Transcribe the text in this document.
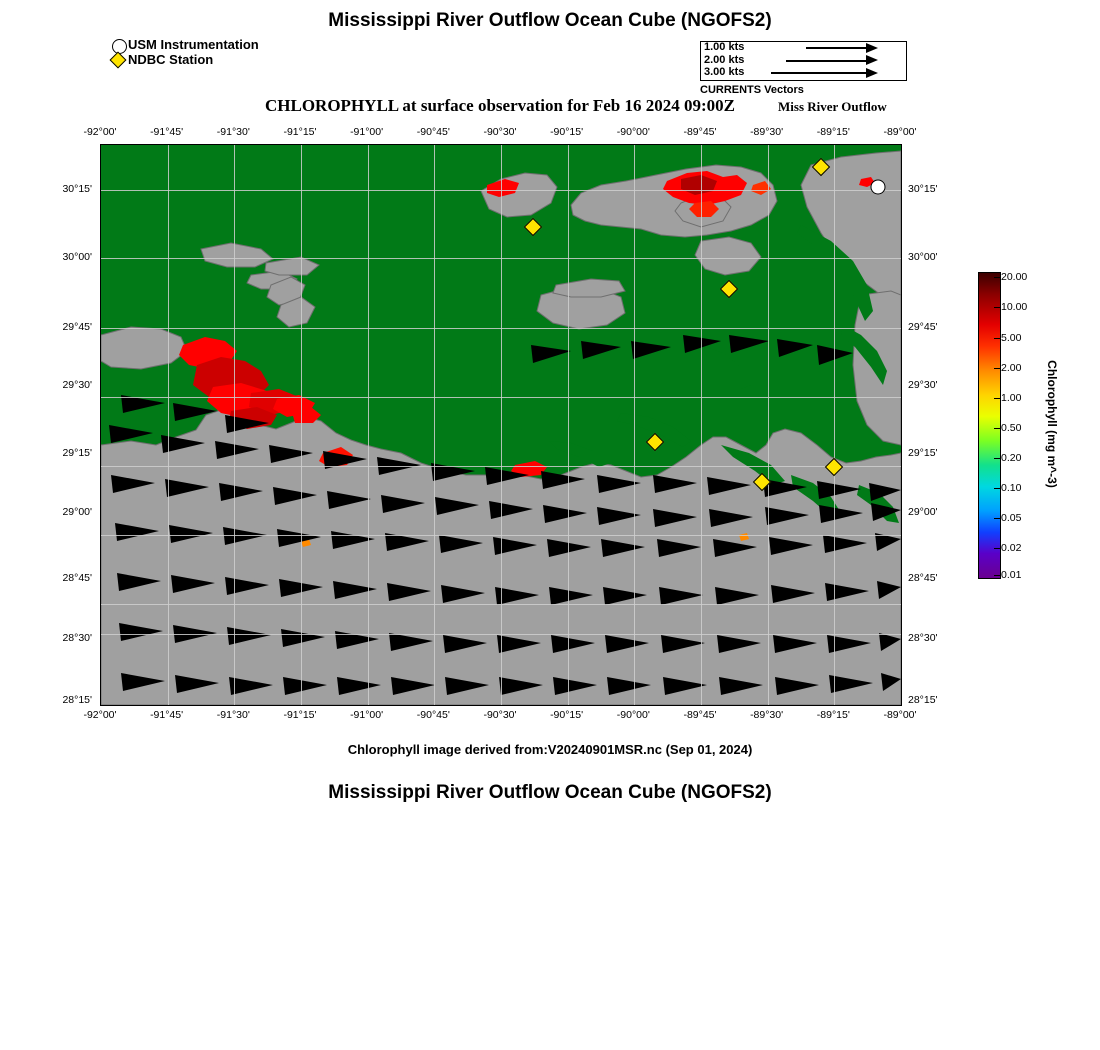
Mississippi River Outflow Ocean Cube (NGOFS2)
CHLOROPHYLL at surface observation for Feb 16 2024 09:00Z
Chlorophyll image derived from:V20240901MSR.nc (Sep 01, 2024)
Mississippi River Outflow Ocean Cube (NGOFS2)
Miss River Outflow
USM Instrumentation
NDBC Station
1.00 kts
2.00 kts
3.00 kts
CURRENTS Vectors
-92°00'	-91°45'	-91°30'	-91°15'	-91°00'	-90°45'	-90°30'	-90°15'	-90°00'	-89°45'	-89°30'	-89°15'	-89°00'
-92°00'	-91°45'	-91°30'	-91°15'	-91°00'	-90°45'	-90°30'	-90°15'	-90°00'	-89°45'	-89°30'	-89°15'	-89°00'
30°15'
30°00'
29°45'
29°30'
29°15'
29°00'
28°45'
28°30'
28°15'
30°15'
30°00'
29°45'
29°30'
29°15'
29°00'
28°45'
28°30'
28°15'
20.00
10.00
5.00
2.00
1.00
0.50
0.20
0.10
0.05
0.02
0.01
Chlorophyll (mg m^-3)
